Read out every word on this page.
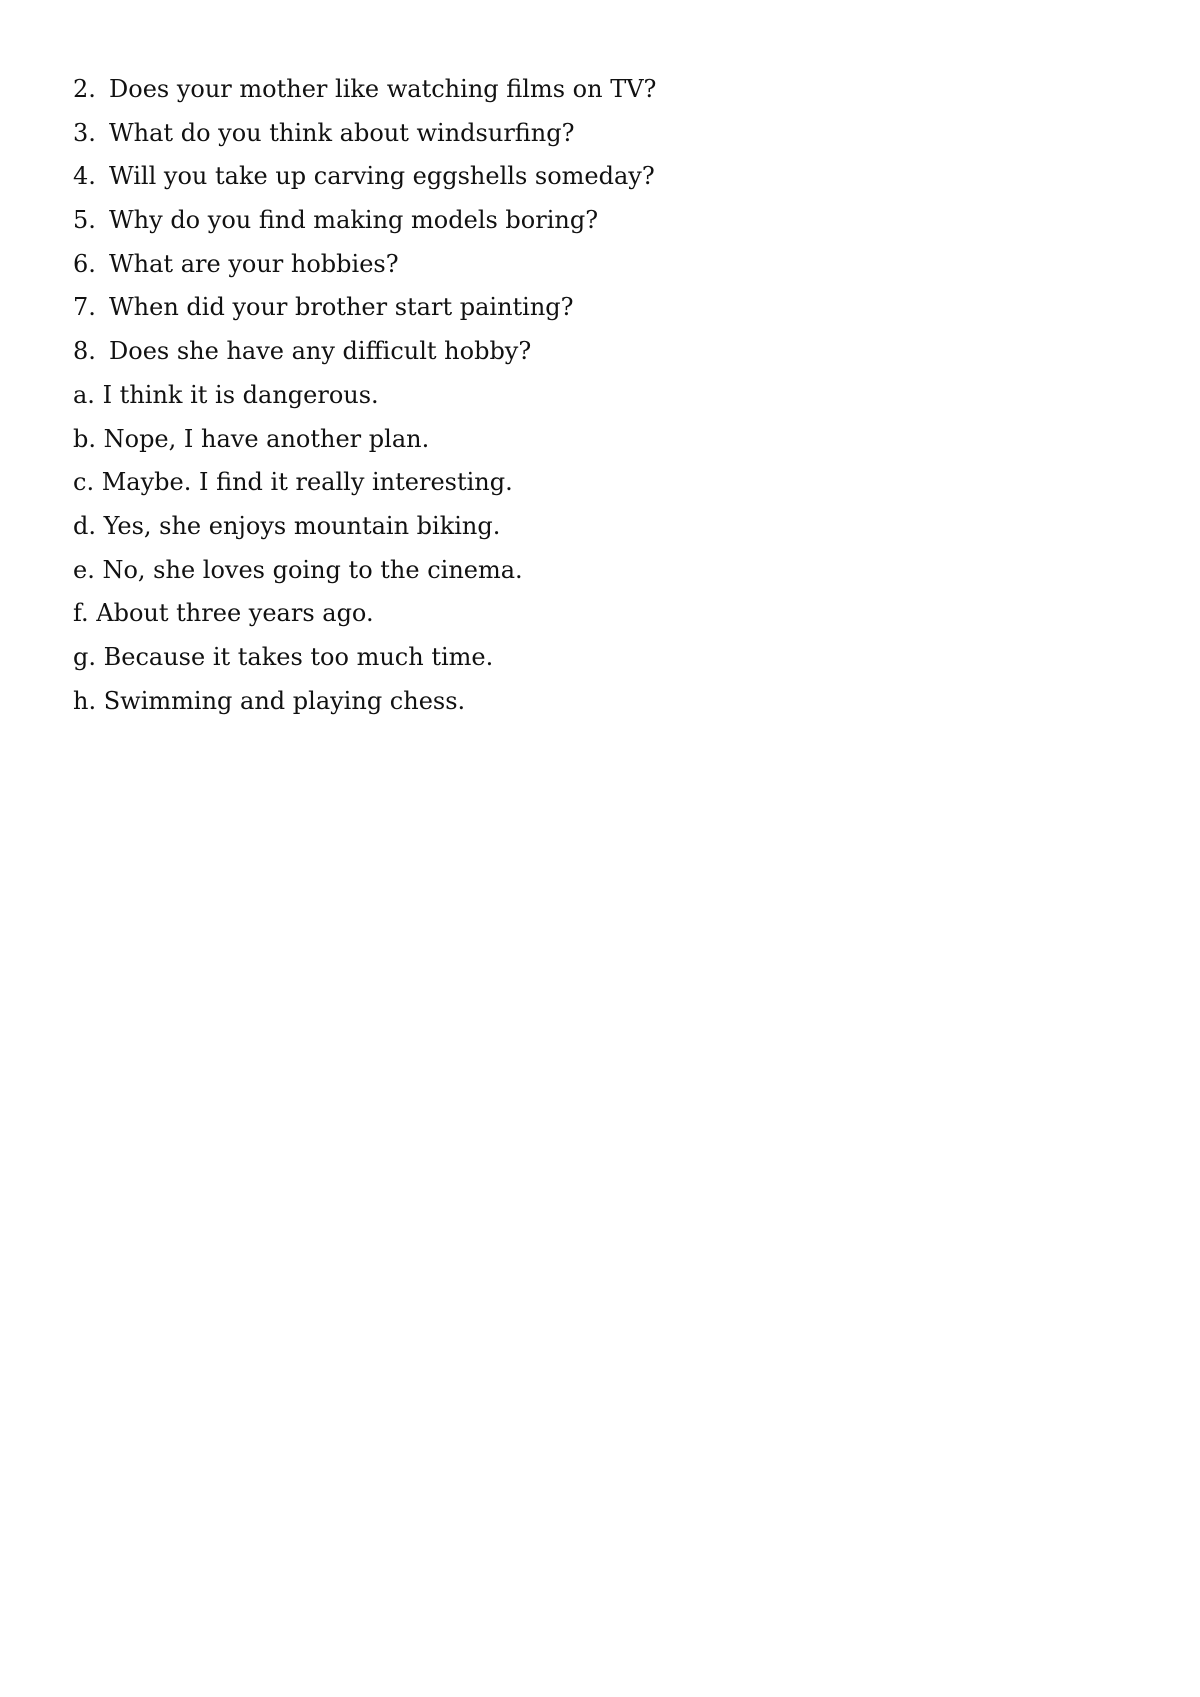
2. Does your mother like watching films on TV?
3. What do you think about windsurfing?
4. Will you take up carving eggshells someday?
5. Why do you find making models boring?
6. What are your hobbies?
7. When did your brother start painting?
8. Does she have any difficult hobby?
a. I think it is dangerous.
b. Nope, I have another plan.
c. Maybe. I find it really interesting.
d. Yes, she enjoys mountain biking.
e. No, she loves going to the cinema.
f. About three years ago.
g. Because it takes too much time.
h. Swimming and playing chess.
